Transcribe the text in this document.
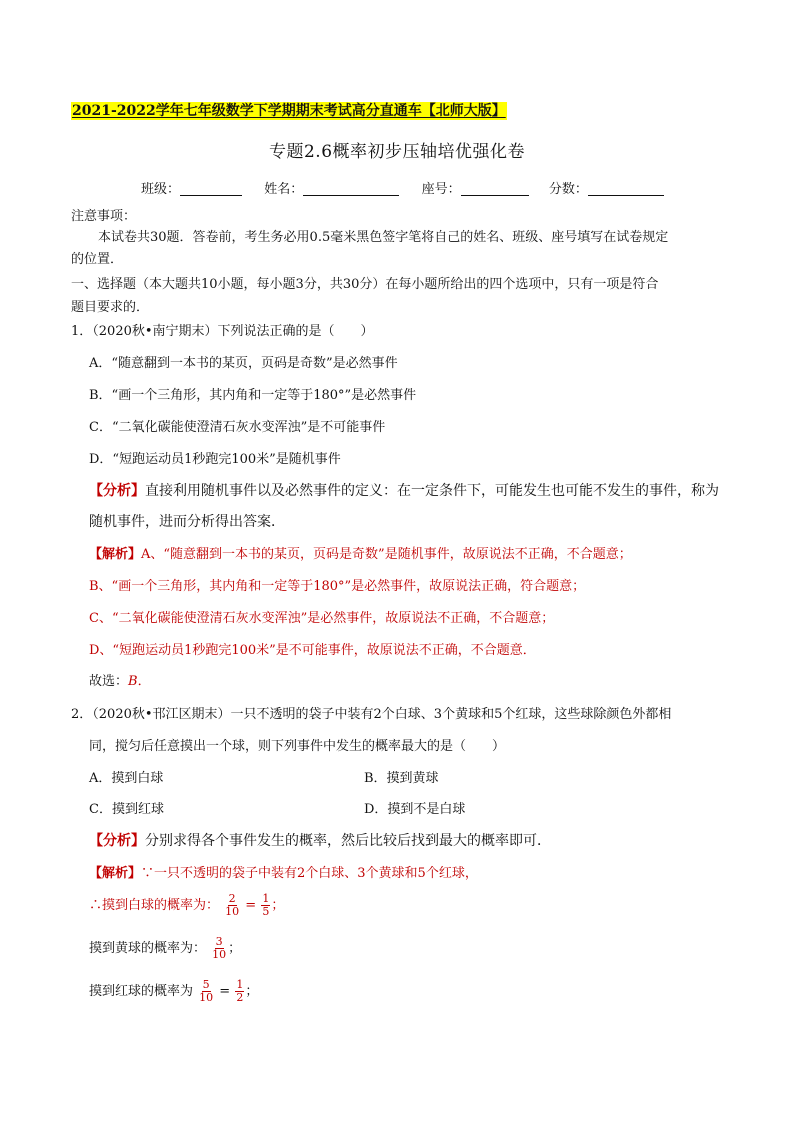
2021-2022学年七年级数学下学期期末考试高分直通车【北师大版】
专题2.6概率初步压轴培优强化卷
班级：	姓名：	座号：	分数：
注意事项：
本试卷共30题．答卷前，考生务必用0.5毫米黑色签字笔将自己的姓名、班级、座号填写在试卷规定
的位置．
一、选择题（本大题共10小题，每小题3分，共30分）在每小题所给出的四个选项中，只有一项是符合
题目要求的．
1．（2020秋•南宁期末）下列说法正确的是（　　）
A．“随意翻到一本书的某页，页码是奇数”是必然事件
B．“画一个三角形，其内角和一定等于180°”是必然事件
C．“二氧化碳能使澄清石灰水变浑浊”是不可能事件
D．“短跑运动员1秒跑完100米”是随机事件
【分析】直接利用随机事件以及必然事件的定义：在一定条件下，可能发生也可能不发生的事件，称为
随机事件，进而分析得出答案．
【解析】A、“随意翻到一本书的某页，页码是奇数”是随机事件，故原说法不正确，不合题意；
B、“画一个三角形，其内角和一定等于180°”是必然事件，故原说法正确，符合题意；
C、“二氧化碳能使澄清石灰水变浑浊”是必然事件，故原说法不正确，不合题意；
D、“短跑运动员1秒跑完100米”是不可能事件，故原说法不正确，不合题意．
故选：B．
2．（2020秋•邗江区期末）一只不透明的袋子中装有2个白球、3个黄球和5个红球，这些球除颜色外都相
同，搅匀后任意摸出一个球，则下列事件中发生的概率最大的是（　　）
A．摸到白球	B．摸到黄球
C．摸到红球	D．摸到不是白球
【分析】分别求得各个事件发生的概率，然后比较后找到最大的概率即可．
【解析】∵一只不透明的袋子中装有2个白球、3个黄球和5个红球，
∴摸到白球的概率为： $\frac{2}{10} = \frac{1}{5}$ ；
摸到黄球的概率为： $\frac{3}{10}$ ；
摸到红球的概率为 $\frac{5}{10} = \frac{1}{2}$ ；
